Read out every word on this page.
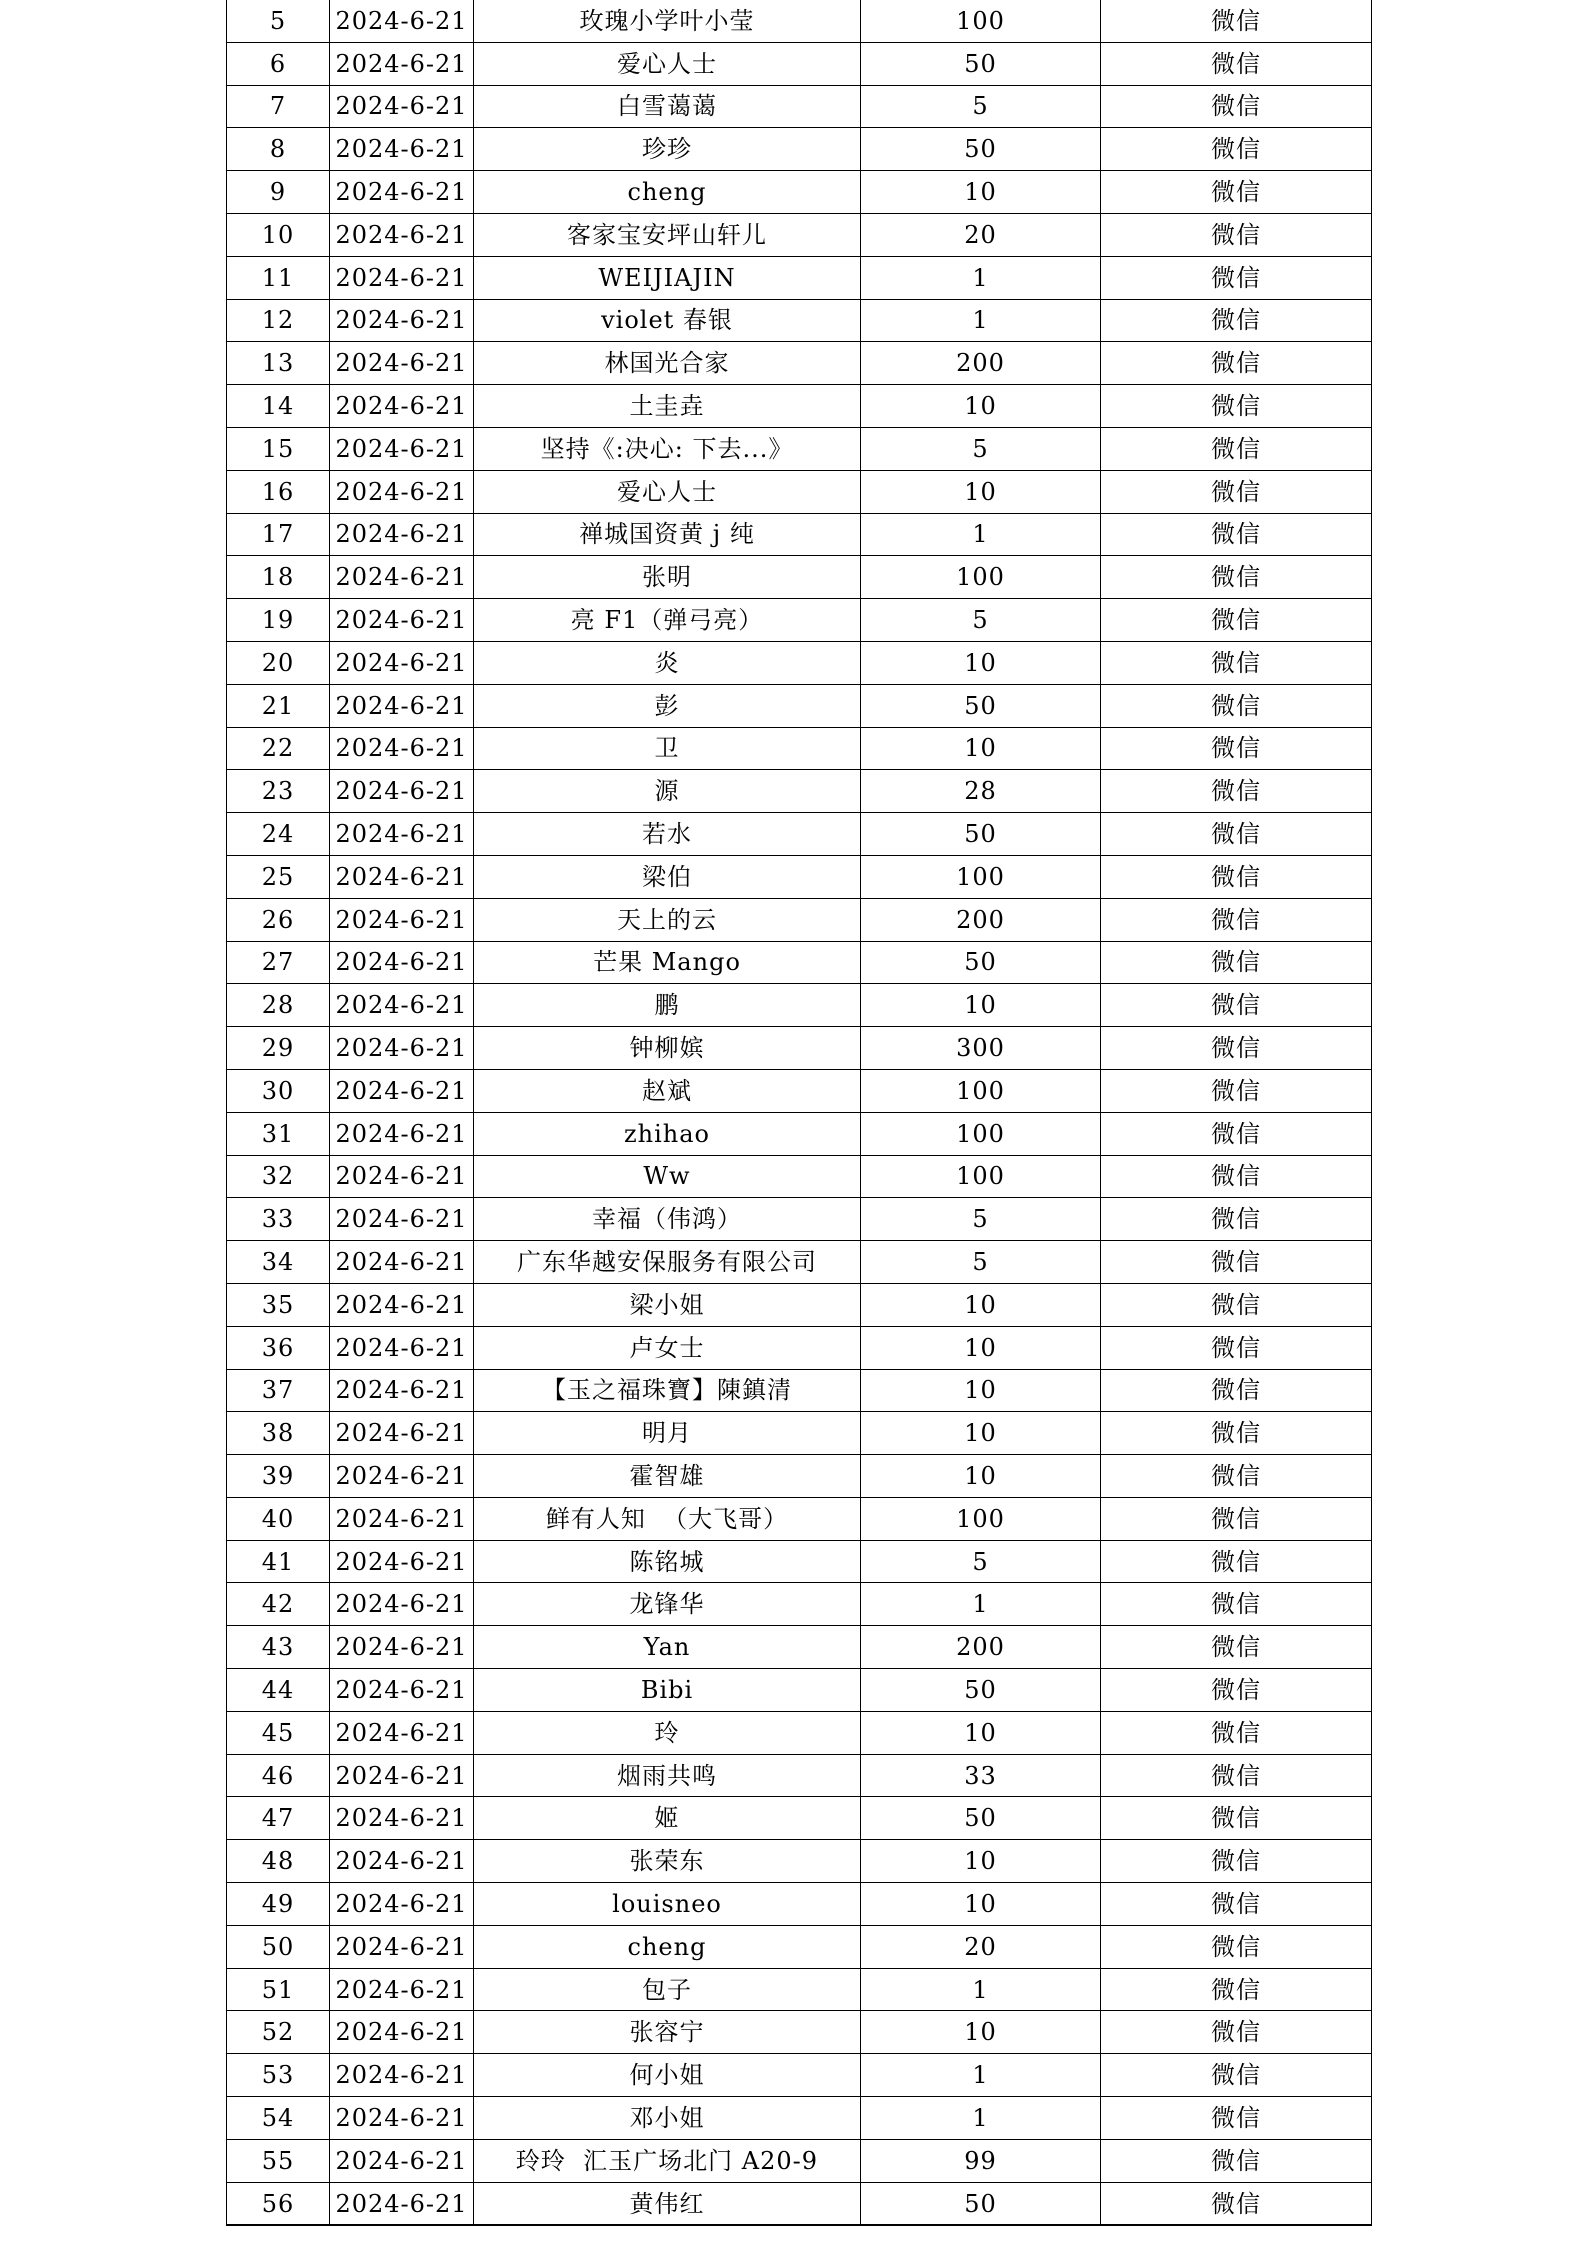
5	2024-6-21	玫瑰小学叶小莹	100	微信
6	2024-6-21	爱心人士	50	微信
7	2024-6-21	白雪蔼蔼	5	微信
8	2024-6-21	珍珍	50	微信
9	2024-6-21	cheng	10	微信
10	2024-6-21	客家宝安坪山轩儿	20	微信
11	2024-6-21	WEIJIAJIN	1	微信
12	2024-6-21	violet 春银	1	微信
13	2024-6-21	林国光合家	200	微信
14	2024-6-21	土圭垚	10	微信
15	2024-6-21	坚持《:决心: 下去...》	5	微信
16	2024-6-21	爱心人士	10	微信
17	2024-6-21	禅城国资黄 j 纯	1	微信
18	2024-6-21	张明	100	微信
19	2024-6-21	亮 F1（弹弓亮）	5	微信
20	2024-6-21	炎	10	微信
21	2024-6-21	彭	50	微信
22	2024-6-21	卫	10	微信
23	2024-6-21	源	28	微信
24	2024-6-21	若水	50	微信
25	2024-6-21	梁伯	100	微信
26	2024-6-21	天上的云	200	微信
27	2024-6-21	芒果 Mango	50	微信
28	2024-6-21	鹏	10	微信
29	2024-6-21	钟柳嫔	300	微信
30	2024-6-21	赵斌	100	微信
31	2024-6-21	zhihao	100	微信
32	2024-6-21	Ww	100	微信
33	2024-6-21	幸福（伟鸿）	5	微信
34	2024-6-21	广东华越安保服务有限公司	5	微信
35	2024-6-21	梁小姐	10	微信
36	2024-6-21	卢女士	10	微信
37	2024-6-21	【玉之福珠寶】陳鎮清	10	微信
38	2024-6-21	明月	10	微信
39	2024-6-21	霍智雄	10	微信
40	2024-6-21	鲜有人知  （大飞哥）	100	微信
41	2024-6-21	陈铭城	5	微信
42	2024-6-21	龙锋华	1	微信
43	2024-6-21	Yan	200	微信
44	2024-6-21	Bibi	50	微信
45	2024-6-21	玲	10	微信
46	2024-6-21	烟雨共鸣	33	微信
47	2024-6-21	姬	50	微信
48	2024-6-21	张荣东	10	微信
49	2024-6-21	louisneo	10	微信
50	2024-6-21	cheng	20	微信
51	2024-6-21	包子	1	微信
52	2024-6-21	张容宁	10	微信
53	2024-6-21	何小姐	1	微信
54	2024-6-21	邓小姐	1	微信
55	2024-6-21	玲玲  汇玉广场北门 A20-9	99	微信
56	2024-6-21	黄伟红	50	微信
